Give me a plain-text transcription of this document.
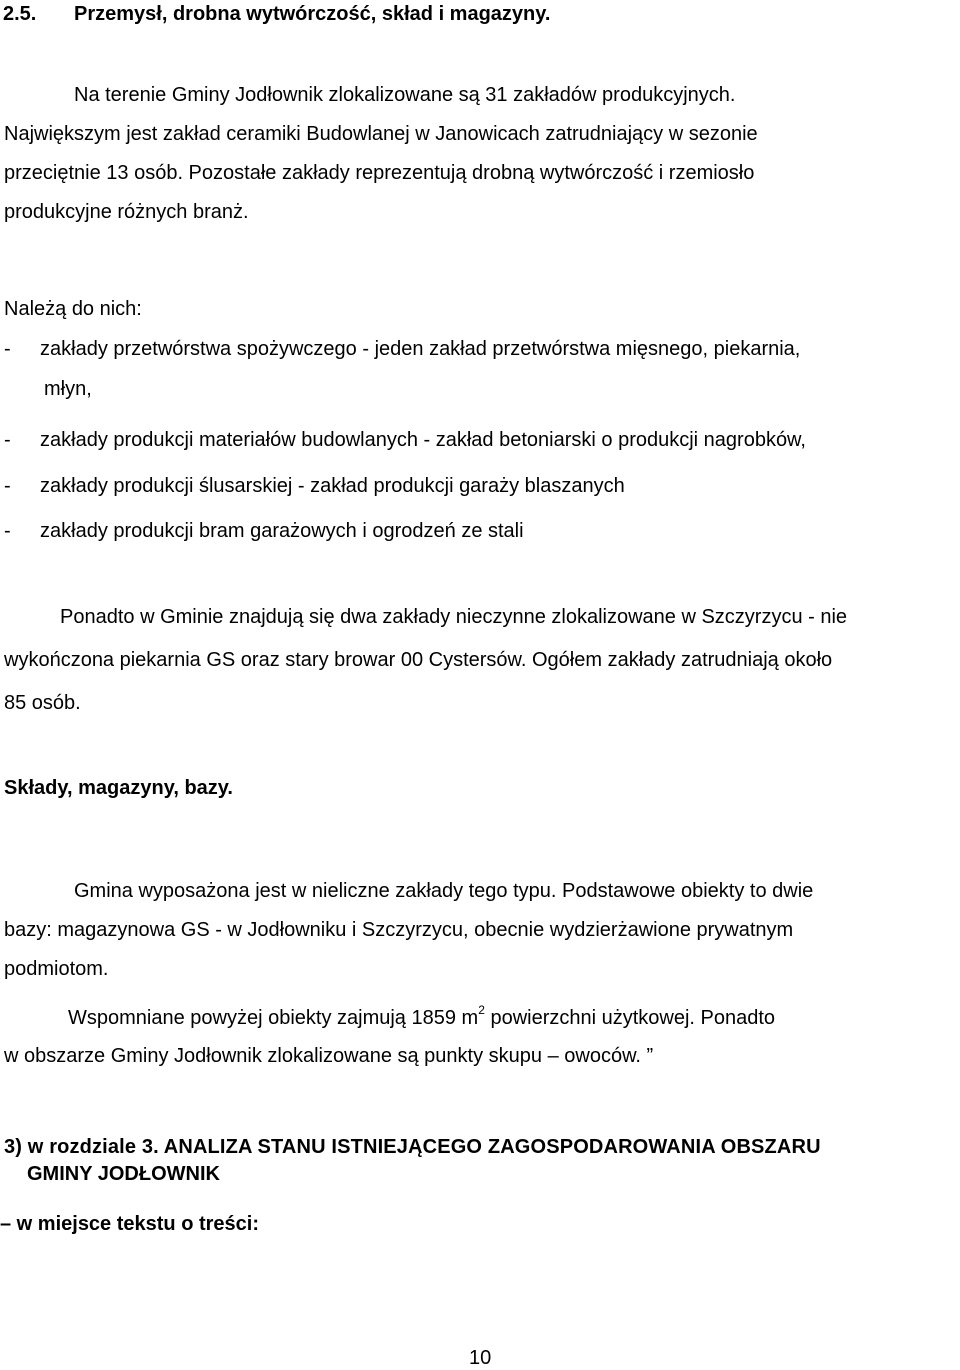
2.5. Przemysł, drobna wytwórczość, skład i magazyny.

Na terenie Gminy Jodłownik zlokalizowane są 31 zakładów produkcyjnych.

Największym jest zakład ceramiki Budowlanej w Janowicach zatrudniający w sezonie

przeciętnie 13 osób. Pozostałe zakłady reprezentują drobną wytwórczość i rzemiosło

produkcyjne różnych branż.

Należą do nich:

- zakłady przetwórstwa spożywczego - jeden zakład przetwórstwa mięsnego, piekarnia,
młyn,
- zakłady produkcji materiałów budowlanych - zakład betoniarski o produkcji nagrobków,
- zakłady produkcji ślusarskiej - zakład produkcji garaży blaszanych
- zakłady produkcji bram garażowych i ogrodzeń ze stali

Ponadto w Gminie znajdują się dwa zakłady nieczynne zlokalizowane w Szczyrzycu - nie

wykończona piekarnia GS oraz stary browar 00 Cystersów. Ogółem zakłady zatrudniają około

85 osób.

Składy, magazyny, bazy.

Gmina wyposażona jest w nieliczne zakłady tego typu. Podstawowe obiekty to dwie

bazy: magazynowa GS - w Jodłowniku i Szczyrzycu, obecnie wydzierżawione prywatnym

podmiotom.

Wspomniane powyżej obiekty zajmują 1859 $m^2$ powierzchni użytkowej. Ponadto

w obszarze Gminy Jodłownik zlokalizowane są punkty skupu – owoców. ”

3) w rozdziale 3. ANALIZA STANU ISTNIEJĄCEGO ZAGOSPODAROWANIA OBSZARU

GMINY JODŁOWNIK

– w miejsce tekstu o treści:

10
